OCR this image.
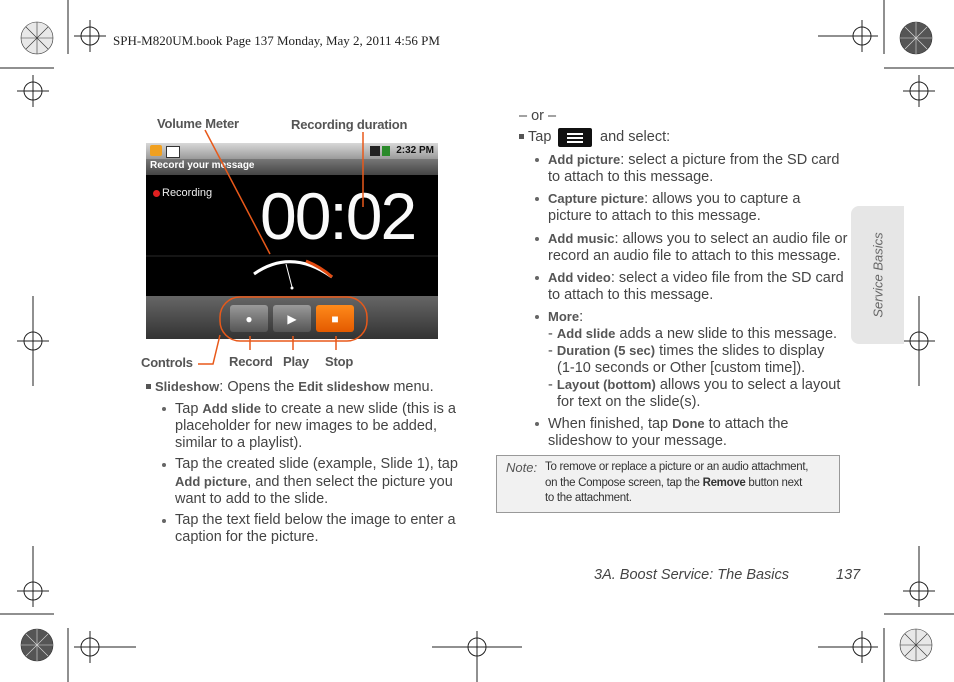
SPH-M820UM.book Page 137 Monday, May 2, 2011 4:56 PM
Volume Meter	Recording duration
Controls	Record Play Stop
2:32 PM
Record your message
Recording 00:02
●	▶	■
Slideshow: Opens the Edit slideshow menu.
Tap Add slide to create a new slide (this is a
placeholder for new images to be added,
similar to a playlist).
Tap the created slide (example, Slide 1), tap
Add picture, and then select the picture you
want to add to the slide.
Tap the text field below the image to enter a
caption for the picture.
– or –
Tap	and select:
Add picture: select a picture from the SD card
to attach to this message.
Capture picture: allows you to capture a
picture to attach to this message.
Add music: allows you to select an audio file or
record an audio file to attach to this message.
Add video: select a video file from the SD card
to attach to this message.
More:
- Add slide adds a new slide to this message.
- Duration (5 sec) times the slides to display
(1-10 seconds or Other [custom time]).
- Layout (bottom) allows you to select a layout
for text on the slide(s).
When finished, tap Done to attach the
slideshow to your message.
Note: To remove or replace a picture or an audio attachment,
on the Compose screen, tap the Remove button next
to the attachment.
Service Basics
3A. Boost Service: The Basics	137
